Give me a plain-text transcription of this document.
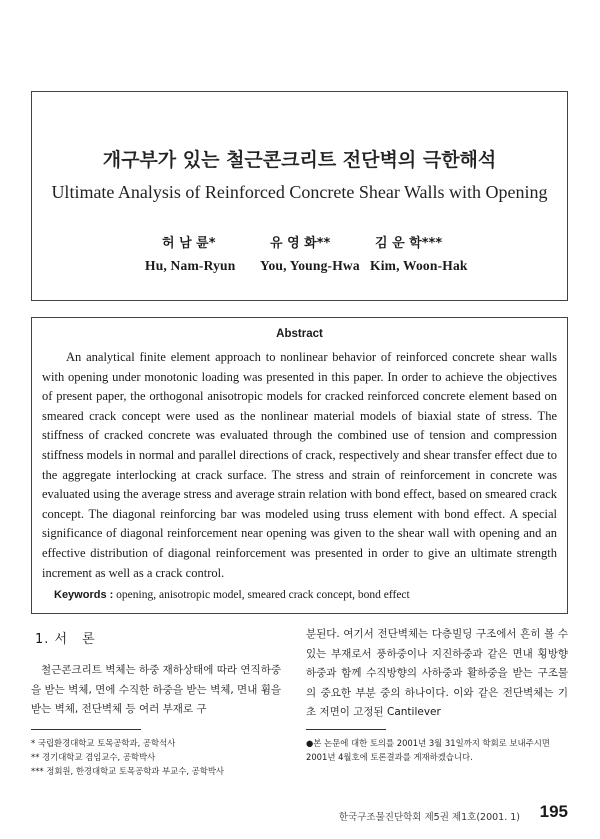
개구부가 있는 철근콘크리트 전단벽의 극한해석
Ultimate Analysis of Reinforced Concrete Shear Walls with Opening
허 남 륜*	유 영 화**	김 운 학***
Hu, Nam-Ryun You, Young-Hwa Kim, Woon-Hak
Abstract
An analytical finite element approach to nonlinear behavior of reinforced concrete shear walls with opening under monotonic loading was presented in this paper. In order to achieve the objectives of present paper, the orthogonal anisotropic models for cracked reinforced concrete element based on smeared crack concept were used as the nonlinear material models of biaxial state of stress. The stiffness of cracked concrete was evaluated through the combined use of tension and compression stiffness models in normal and parallel directions of crack, respectively and shear transfer effect due to the aggregate interlocking at crack surface. The stress and strain of reinforcement in concrete was evaluated using the average stress and average strain relation with bond effect, based on smeared crack concept. The diagonal reinforcing bar was modeled using truss element with bond effect. A special significance of diagonal reinforcement near opening was given to the shear wall with opening and an effective distribution of diagonal reinforcement was presented in order to give an ultimate strength increment as well as a crack control.
Keywords : opening, anisotropic model, smeared crack concept, bond effect
1. 서　론
철근콘크리트 벽체는 하중 재하상태에 따라 연직하중을 받는 벽체, 면에 수직한 하중을 받는 벽체, 면내 휨을 받는 벽체, 전단벽체 등 여러 부재로 구
분된다. 여기서 전단벽체는 다층빌딩 구조에서 흔히 볼 수 있는 부재로서 풍하중이나 지진하중과 같은 면내 횡방향 하중과 함께 수직방향의 사하중과 활하중을 받는 구조물의 중요한 부분 중의 하나이다. 이와 같은 전단벽체는 기초 저면이 고정된 Cantilever
* 국립환경대학교 토목공학과, 공학석사
** 경기대학교 겸임교수, 공학박사
*** 정회원, 한경대학교 토목공학과 부교수, 공학박사
●본 논문에 대한 토의를 2001년 3월 31일까지 학회로 보내주시면 2001년 4월호에 토론결과를 게재하겠습니다.
한국구조물진단학회 제5권 제1호(2001. 1) 195
